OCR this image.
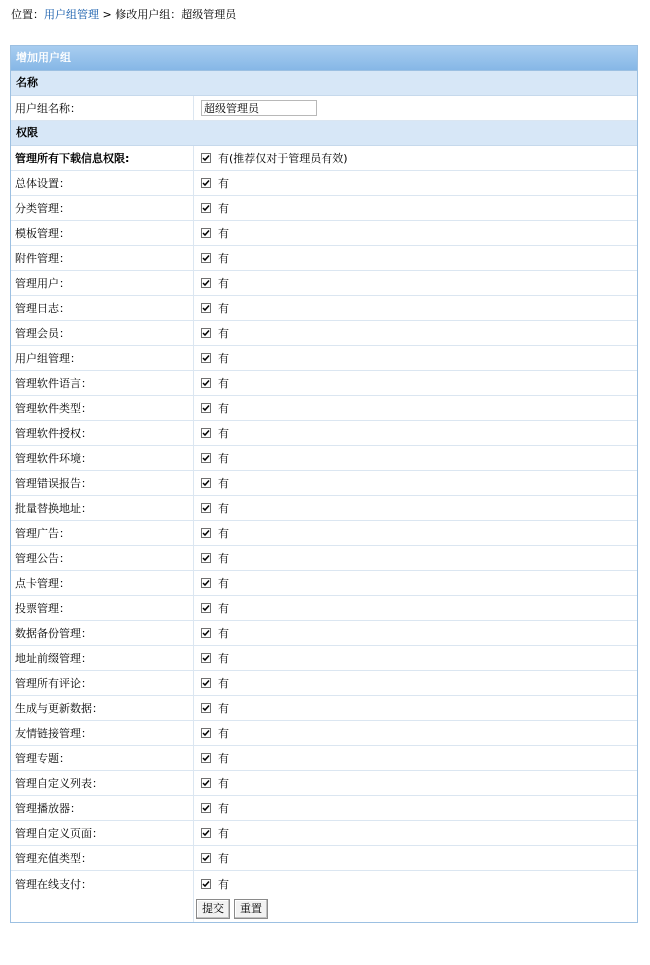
位置：用户组管理 > 修改用户组：超级管理员
增加用户组
名称
用户组名称：
超级管理员
权限
管理所有下载信息权限:	有(推荐仅对于管理员有效)
总体设置：	有
分类管理：	有
模板管理：	有
附件管理：	有
管理用户：	有
管理日志：	有
管理会员：	有
用户组管理：	有
管理软件语言：	有
管理软件类型：	有
管理软件授权：	有
管理软件环境：	有
管理错误报告：	有
批量替换地址：	有
管理广告：	有
管理公告：	有
点卡管理：	有
投票管理：	有
数据备份管理：	有
地址前缀管理：	有
管理所有评论：	有
生成与更新数据：	有
友情链接管理：	有
管理专题：	有
管理自定义列表：	有
管理播放器：	有
管理自定义页面：	有
管理充值类型：	有
管理在线支付：	有
提交	重置
